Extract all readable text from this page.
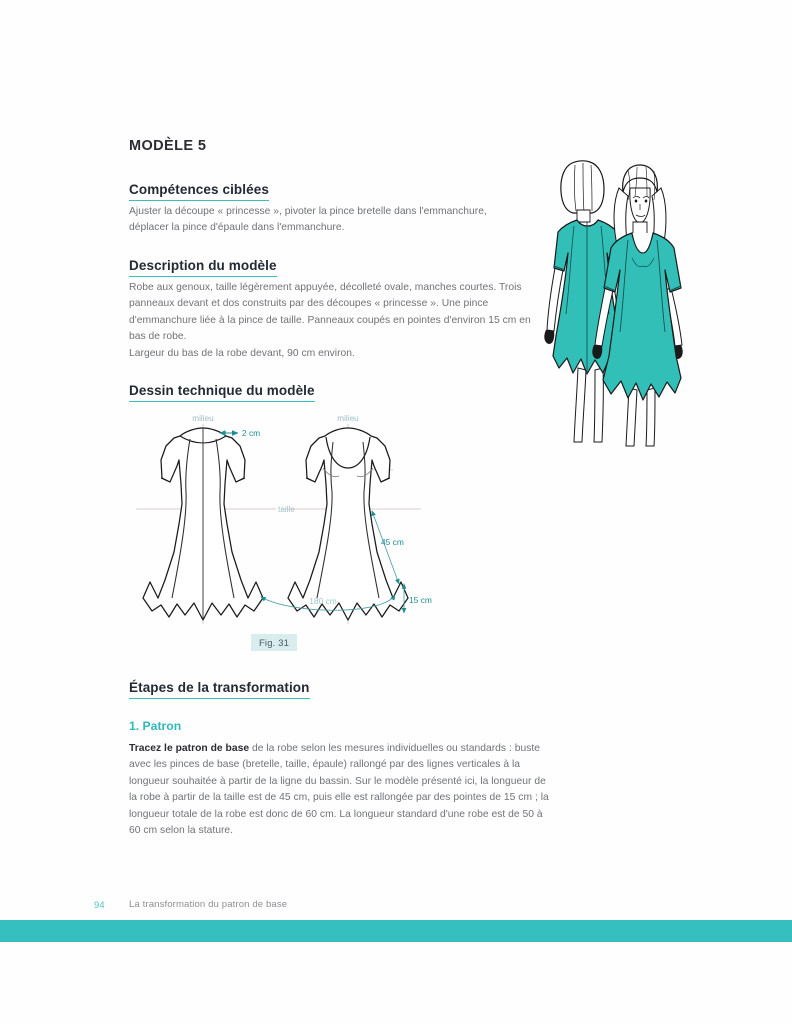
MODÈLE 5
Compétences ciblées
Ajuster la découpe « princesse », pivoter la pince bretelle dans l'emmanchure, déplacer la pince d'épaule dans l'emmanchure.
Description du modèle
Robe aux genoux, taille légèrement appuyée, décolleté ovale, manches courtes. Trois panneaux devant et dos construits par des découpes « princesse ». Une pince d'emmanchure liée à la pince de taille. Panneaux coupés en pointes d'environ 15 cm en bas de robe.
Largeur du bas de la robe devant, 90 cm environ.
Dessin technique du modèle
milieu
taille
2 cm
milieu
45 cm
15 cm
180 cm
Fig. 31
Étapes de la transformation
1. Patron
Tracez le patron de base de la robe selon les mesures individuelles ou standards : buste avec les pinces de base (bretelle, taille, épaule) rallongé par des lignes verticales à la longueur souhaitée à partir de la ligne du bassin. Sur le modèle présenté ici, la longueur de la robe à partir de la taille est de 45 cm, puis elle est rallongée par des pointes de 15 cm ; la longueur totale de la robe est donc de 60 cm. La longueur standard d'une robe est de 50 à 60 cm selon la stature.
94	La transformation du patron de base
